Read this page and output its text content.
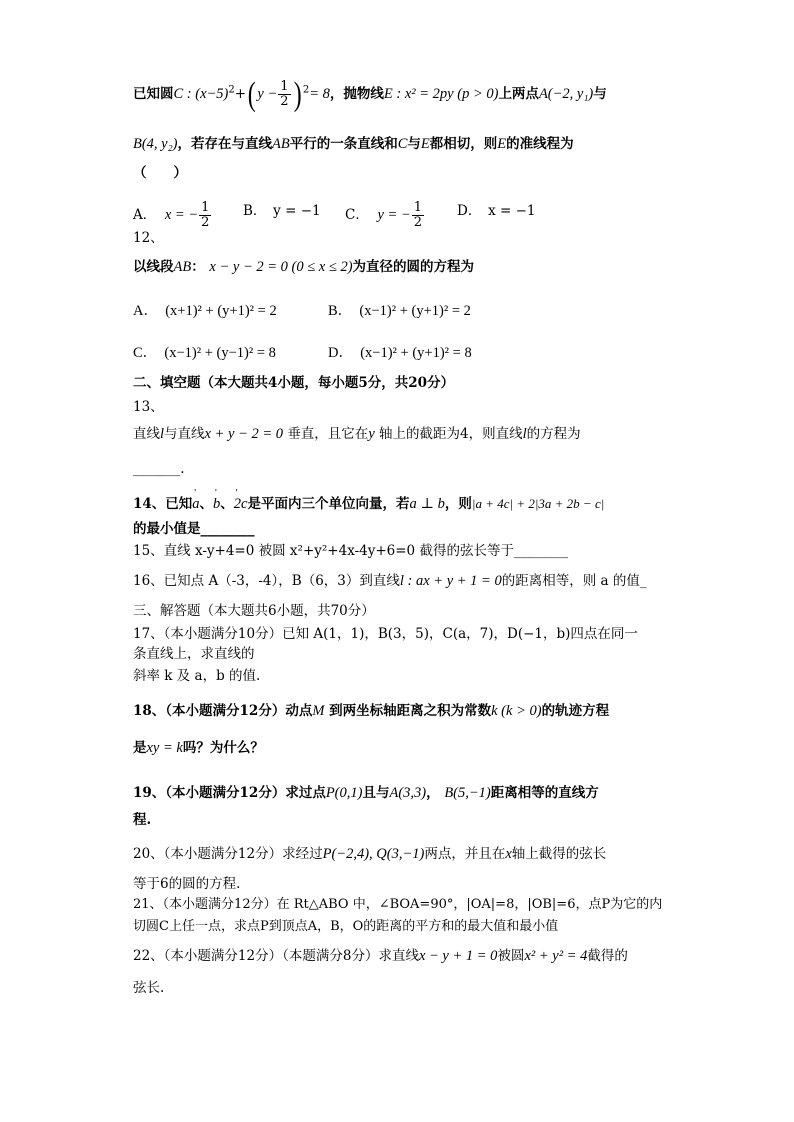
已知圆C : $(x-5)^2+$( $y - \frac{1}{2}$ ) $^2$= 8，抛物线E : x² = 2py (p > 0)上两点A(−2, y₁)与
B(4, y₂)，若存在与直线AB平行的一条直线和C与E都相切，则E的准线程为
（　　）
A． x = − $\frac{1}{2}$ B．　y = −1 C． y = − $\frac{1}{2}$ D．　x = −1
12、
以线段AB： x − y − 2 = 0 (0 ≤ x ≤ 2)为直径的圆的方程为
A．　(x+1)² + (y+1)² = 2	B．　(x−1)² + (y+1)² = 2
C．　(x−1)² + (y−1)² = 8	D．　(x−1)² + (y+1)² = 8
二、填空题（本大题共4小题，每小题5分，共20分）
13、
直线l与直线x + y − 2 = 0 垂直，且它在y 轴上的截距为4，则直线l的方程为
_______.
14、已知' a、' b、' 2c是平面内三个单位向量，若a ⊥ b，则|a + 4c| + 2|3a + 2b − c|
的最小值是________
15、直线 x-y+4=0 被圆 x²+y²+4x-4y+6=0 截得的弦长等于________
16、已知点 A（-3，-4），B（6，3）到直线l : ax + y + 1 = 0的距离相等，则 a 的值_
三、解答题（本大题共6小题，共70分）
17、（本小题满分10分）已知 A(1，1)，B(3，5)，C(a，7)，D(−1，b)四点在同一
条直线上，求直线的
斜率 k 及 a，b 的值.
18、（本小题满分12分）动点M 到两坐标轴距离之积为常数k (k > 0)的轨迹方程
是xy = k吗？为什么？
19、（本小题满分12分）求过点P(0,1)且与A(3,3)， B(5,−1)距离相等的直线方
程.
20、（本小题满分12分）求经过P(−2,4), Q(3,−1)两点，并且在x轴上截得的弦长
等于6的圆的方程.
21、（本小题满分12分）在 Rt△ABO 中，∠BOA=90°，|OA|=8，|OB|=6，点P为它的内
切圆C上任一点，求点P到顶点A，B，O的距离的平方和的最大值和最小值
22、（本小题满分12分）（本题满分8分）求直线x − y + 1 = 0被圆x² + y² = 4截得的
弦长.
